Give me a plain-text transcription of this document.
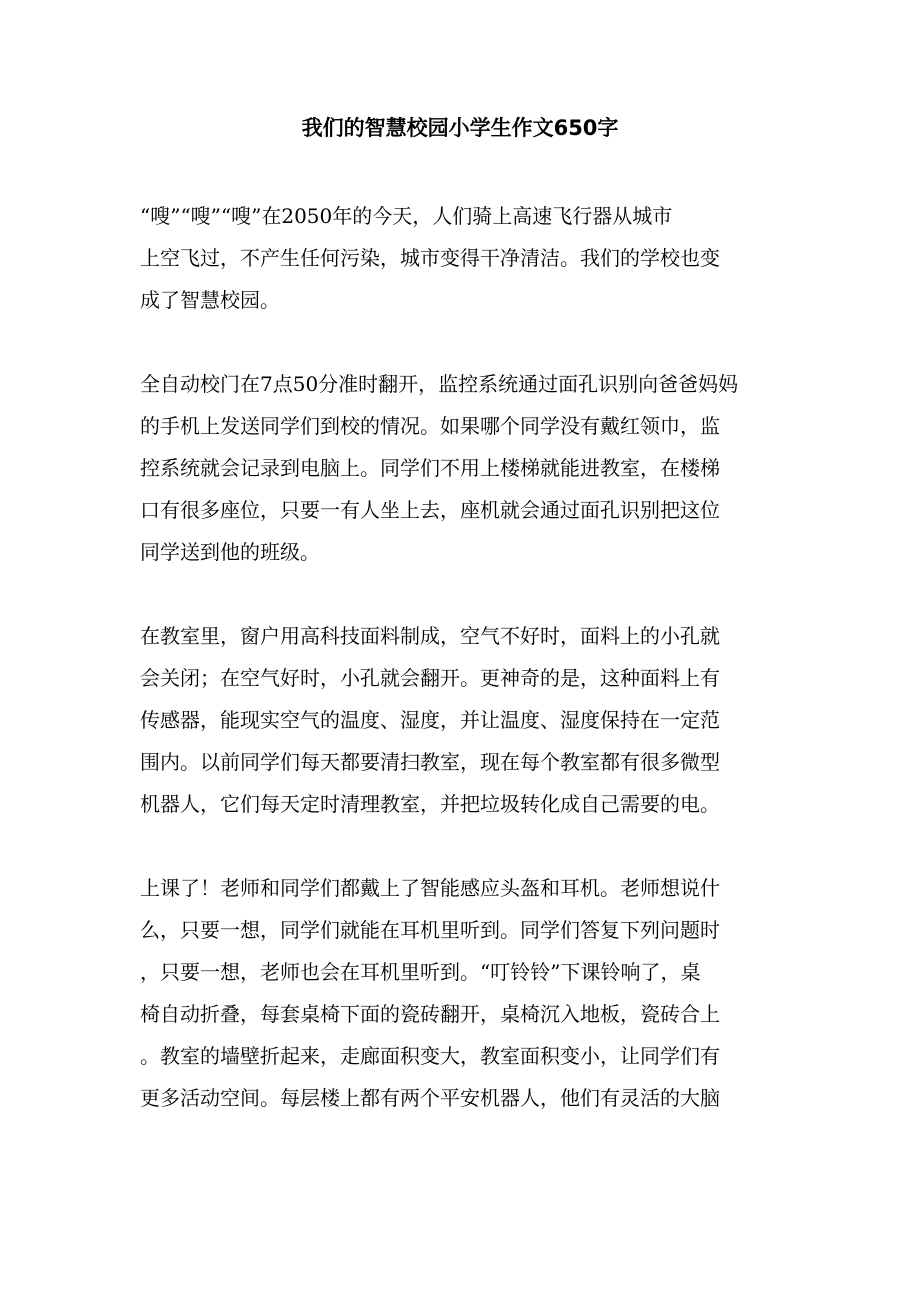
我们的智慧校园小学生作文650字
“嗖”“嗖”“嗖”在2050年的今天，人们骑上高速飞行器从城市
上空飞过，不产生任何污染，城市变得干净清洁。我们的学校也变
成了智慧校园。
全自动校门在7点50分准时翻开，监控系统通过面孔识别向爸爸妈妈
的手机上发送同学们到校的情况。如果哪个同学没有戴红领巾，监
控系统就会记录到电脑上。同学们不用上楼梯就能进教室，在楼梯
口有很多座位，只要一有人坐上去，座机就会通过面孔识别把这位
同学送到他的班级。
在教室里，窗户用高科技面料制成，空气不好时，面料上的小孔就
会关闭；在空气好时，小孔就会翻开。更神奇的是，这种面料上有
传感器，能现实空气的温度、湿度，并让温度、湿度保持在一定范
围内。以前同学们每天都要清扫教室，现在每个教室都有很多微型
机器人，它们每天定时清理教室，并把垃圾转化成自己需要的电。
上课了！老师和同学们都戴上了智能感应头盔和耳机。老师想说什
么，只要一想，同学们就能在耳机里听到。同学们答复下列问题时
，只要一想，老师也会在耳机里听到。“叮铃铃”下课铃响了，桌
椅自动折叠，每套桌椅下面的瓷砖翻开，桌椅沉入地板，瓷砖合上
。教室的墙壁折起来，走廊面积变大，教室面积变小，让同学们有
更多活动空间。每层楼上都有两个平安机器人，他们有灵活的大脑
